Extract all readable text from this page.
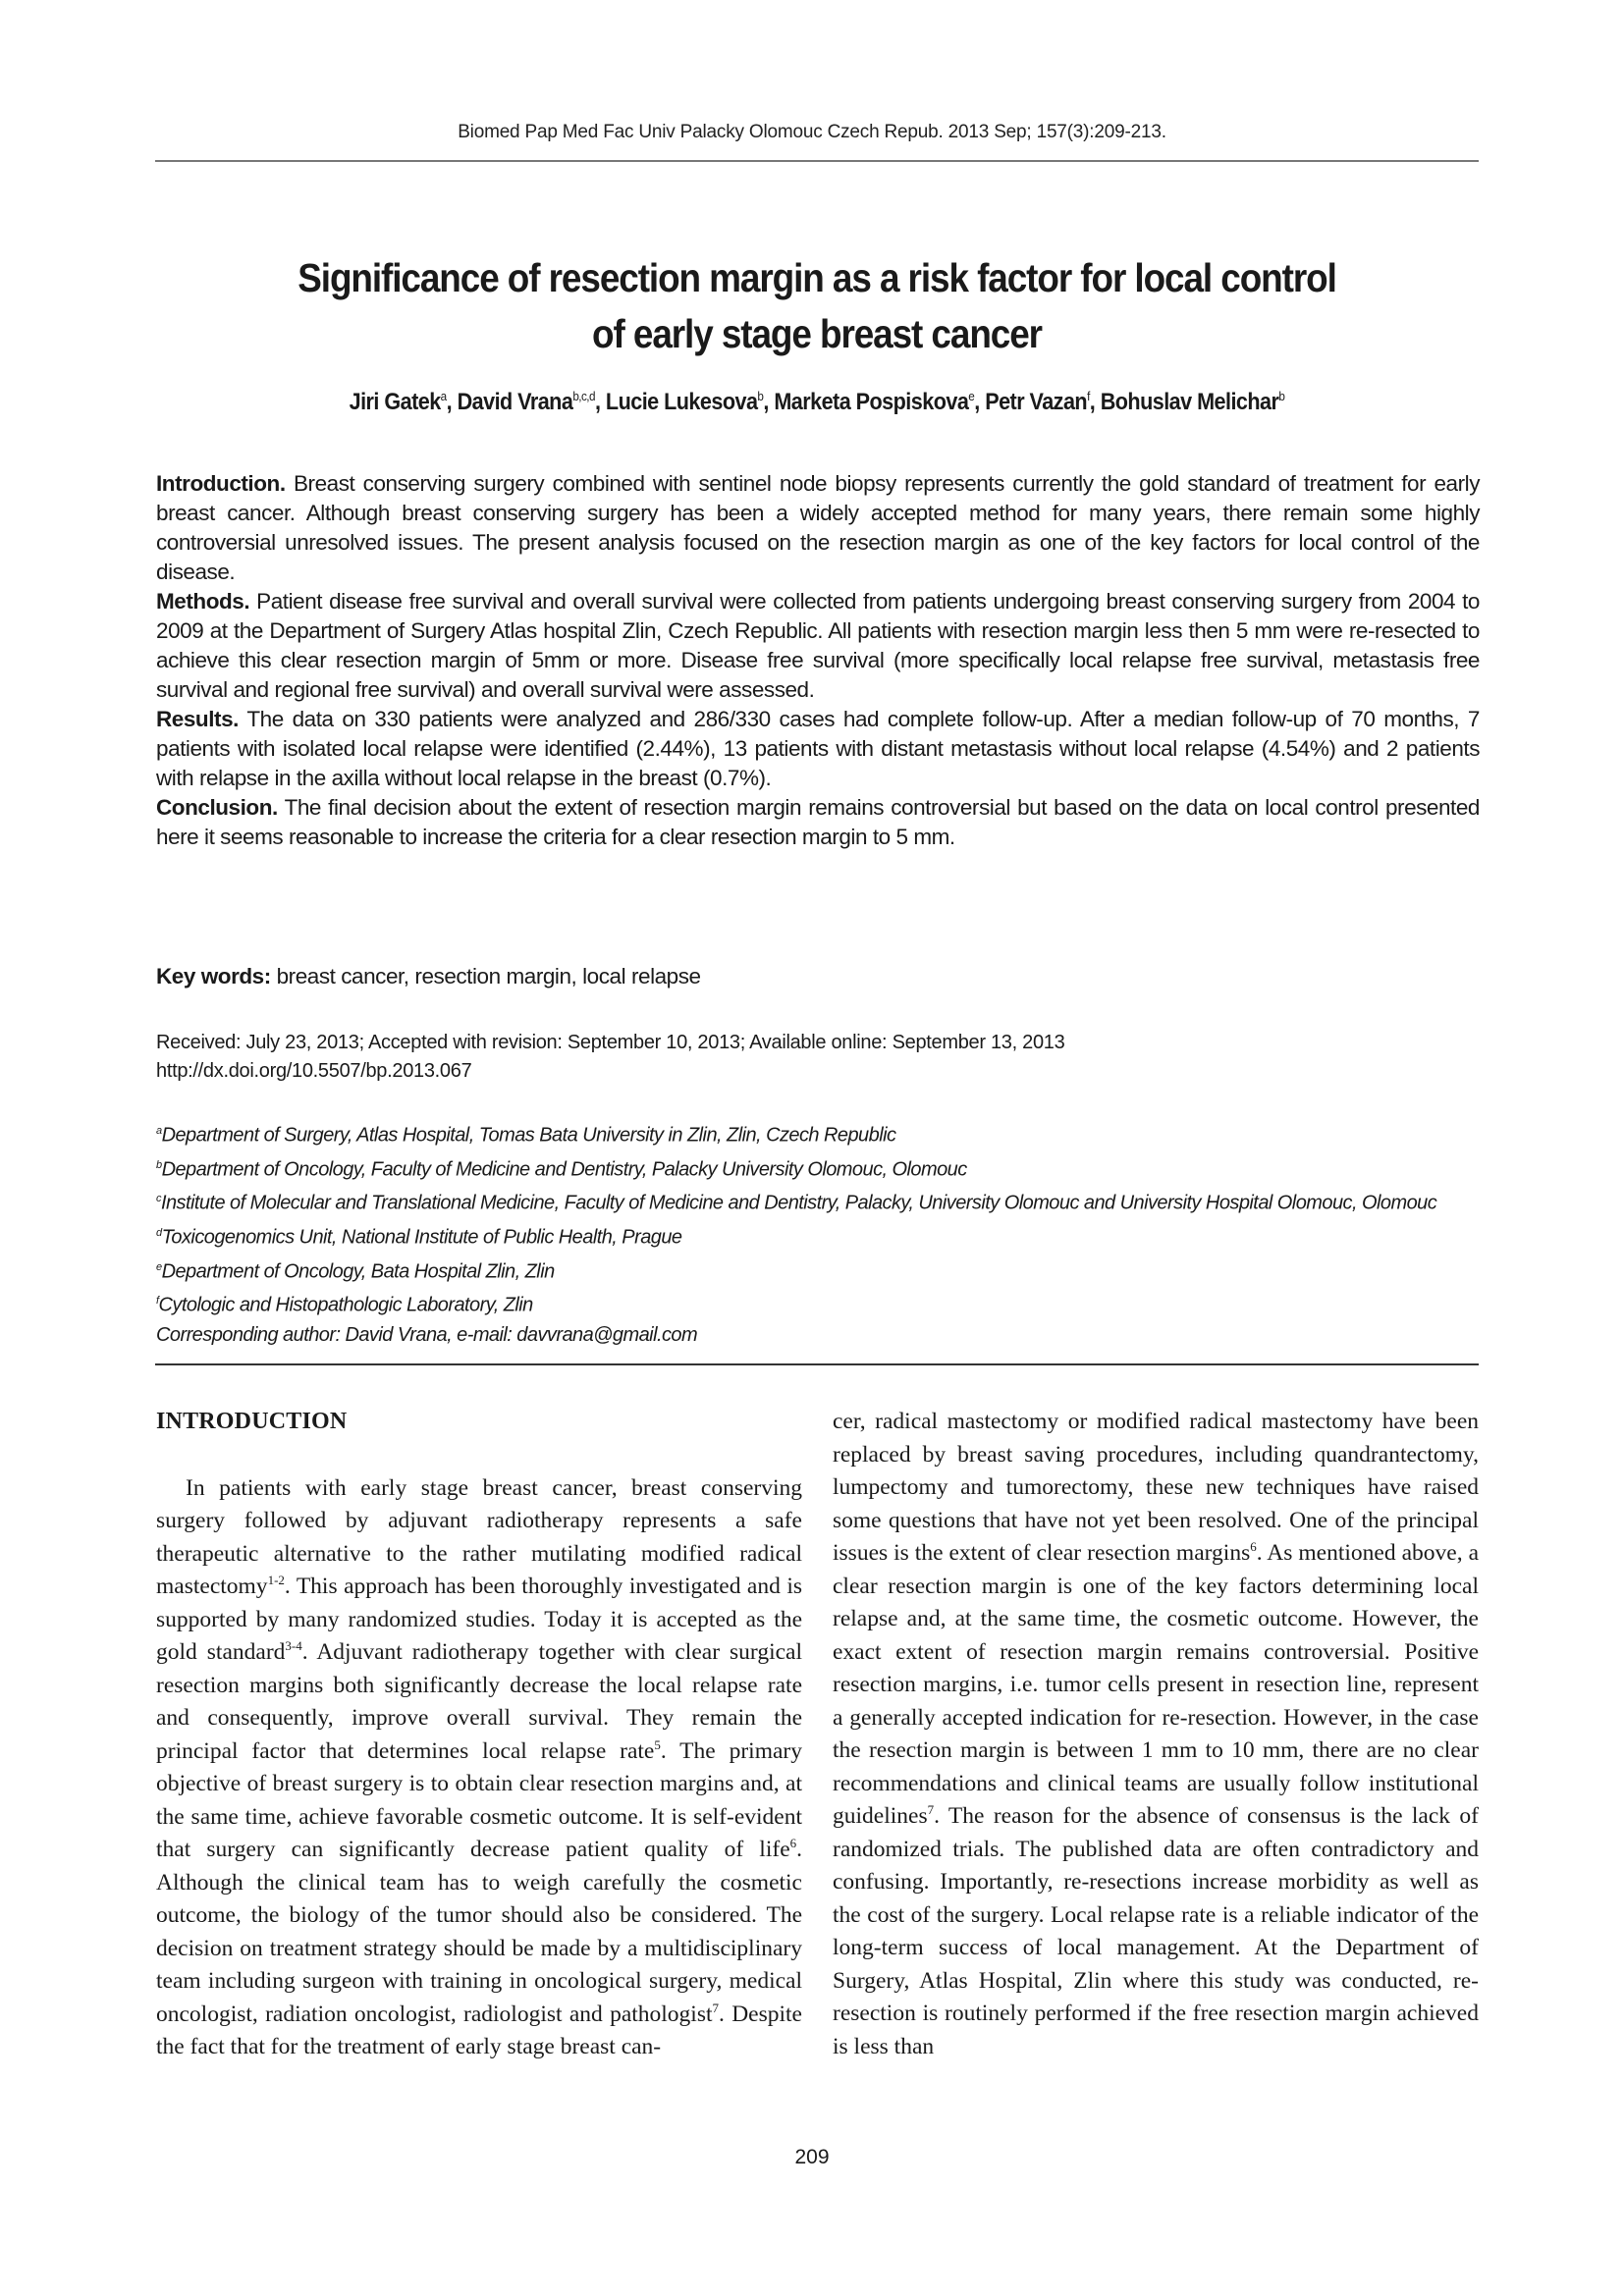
Biomed Pap Med Fac Univ Palacky Olomouc Czech Repub. 2013 Sep; 157(3):209-213.
Significance of resection margin as a risk factor for local control
of early stage breast cancer
Jiri Gatek$^a$, David Vrana$^{b,c,d}$, Lucie Lukesova$^b$, Marketa Pospiskova$^e$, Petr Vazan$^f$, Bohuslav Melichar$^b$

Introduction. Breast conserving surgery combined with sentinel node biopsy represents currently the gold standard of treatment for early breast cancer. Although breast conserving surgery has been a widely accepted method for many years, there remain some highly controversial unresolved issues. The present analysis focused on the resection margin as one of the key factors for local control of the disease.

Methods. Patient disease free survival and overall survival were collected from patients undergoing breast conserving surgery from 2004 to 2009 at the Department of Surgery Atlas hospital Zlin, Czech Republic. All patients with resection margin less then 5 mm were re-resected to achieve this clear resection margin of 5mm or more. Disease free survival (more specifically local relapse free survival, metastasis free survival and regional free survival) and overall survival were assessed.

Results. The data on 330 patients were analyzed and 286/330 cases had complete follow-up. After a median follow-up of 70 months, 7 patients with isolated local relapse were identified (2.44%), 13 patients with distant metastasis without local relapse (4.54%) and 2 patients with relapse in the axilla without local relapse in the breast (0.7%).

Conclusion. The final decision about the extent of resection margin remains controversial but based on the data on local control presented here it seems reasonable to increase the criteria for a clear resection margin to 5 mm.

Key words: breast cancer, resection margin, local relapse
Received: July 23, 2013; Accepted with revision: September 10, 2013; Available online: September 13, 2013
http://dx.doi.org/10.5507/bp.2013.067

$^a$Department of Surgery, Atlas Hospital, Tomas Bata University in Zlin, Zlin, Czech Republic

$^b$Department of Oncology, Faculty of Medicine and Dentistry, Palacky University Olomouc, Olomouc

$^c$Institute of Molecular and Translational Medicine, Faculty of Medicine and Dentistry, Palacky, University Olomouc and University Hospital Olomouc, Olomouc

$^d$Toxicogenomics Unit, National Institute of Public Health, Prague

$^e$Department of Oncology, Bata Hospital Zlin, Zlin

$^f$Cytologic and Histopathologic Laboratory, Zlin

Corresponding author: David Vrana, e-mail: davvrana@gmail.com

INTRODUCTION

In patients with early stage breast cancer, breast conserving surgery followed by adjuvant radiotherapy represents a safe therapeutic alternative to the rather mutilating modified radical mastectomy$^{1-2}$. This approach has been thoroughly investigated and is supported by many randomized studies. Today it is accepted as the gold standard$^{3-4}$. Adjuvant radiotherapy together with clear surgical resection margins both significantly decrease the local relapse rate and consequently, improve overall survival. They remain the principal factor that determines local relapse rate$^5$. The primary objective of breast surgery is to obtain clear resection margins and, at the same time, achieve favorable cosmetic outcome. It is self-evident that surgery can significantly decrease patient quality of life$^6$. Although the clinical team has to weigh carefully the cosmetic outcome, the biology of the tumor should also be considered. The decision on treatment strategy should be made by a multidisciplinary team including surgeon with training in oncological surgery, medical oncologist, radiation oncologist, radiologist and pathologist$^7$. Despite the fact that for the treatment of early stage breast can-

cer, radical mastectomy or modified radical mastectomy have been replaced by breast saving procedures, including quandrantectomy, lumpectomy and tumorectomy, these new techniques have raised some questions that have not yet been resolved. One of the principal issues is the extent of clear resection margins$^6$. As mentioned above, a clear resection margin is one of the key factors determining local relapse and, at the same time, the cosmetic outcome. However, the exact extent of resection margin remains controversial. Positive resection margins, i.e. tumor cells present in resection line, represent a generally accepted indication for re-resection. However, in the case the resection margin is between 1 mm to 10 mm, there are no clear recommendations and clinical teams are usually follow institutional guidelines$^7$. The reason for the absence of consensus is the lack of randomized trials. The published data are often contradictory and confusing. Importantly, re-resections increase morbidity as well as the cost of the surgery. Local relapse rate is a reliable indicator of the long-term success of local management. At the Department of Surgery, Atlas Hospital, Zlin where this study was conducted, re-resection is routinely performed if the free resection margin achieved is less than

209
